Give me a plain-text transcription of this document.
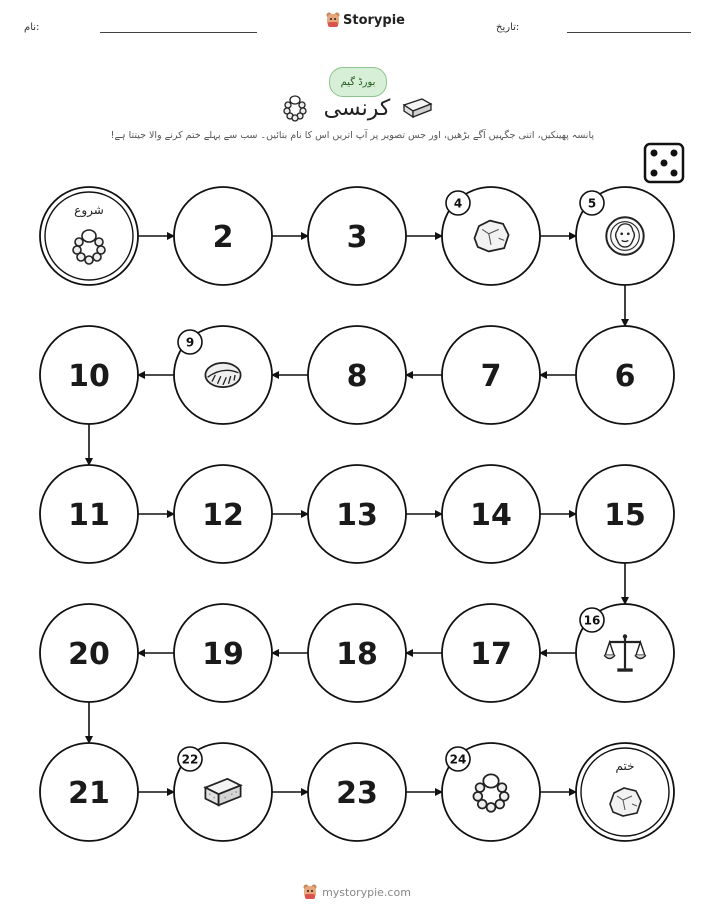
نام:	Storypie	تاریخ:
بورڈ گیم
کرنسی
پانسہ پھینکیں، اتنی جگہیں آگے بڑھیں، اور جس تصویر پر آپ اتریں اس کا نام بتائیں۔ سب سے پہلے ختم کرنے والا جیتتا ہے!
شروع
2	3
4	5
6
7
8
9
10
11	12	13	14	15
16
17
18
19
20
21
22
23
24	ختم
mystorypie.com
